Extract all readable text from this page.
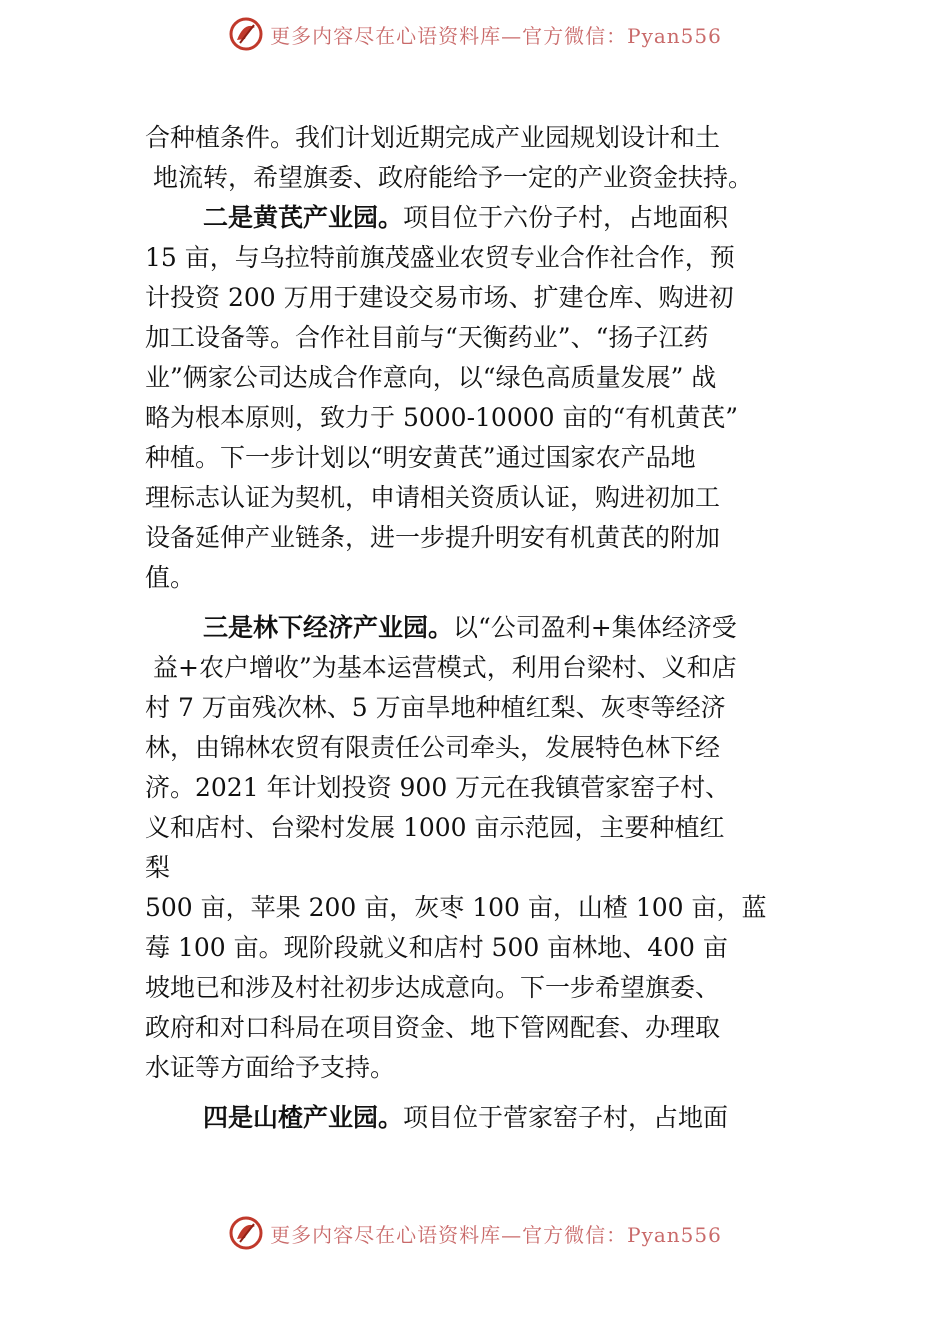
更多内容尽在心语资料库—官方微信：Pyan556
合种植条件。我们计划近期完成产业园规划设计和土
地流转，希望旗委、政府能给予一定的产业资金扶持。
二是黄芪产业园。项目位于六份子村，占地面积
15 亩，与乌拉特前旗茂盛业农贸专业合作社合作，预
计投资 200 万用于建设交易市场、扩建仓库、购进初
加工设备等。合作社目前与“天衡药业”、“扬子江药
业”俩家公司达成合作意向，以“绿色高质量发展” 战
略为根本原则，致力于 5000-10000 亩的“有机黄芪”
种植。下一步计划以“明安黄芪”通过国家农产品地
理标志认证为契机，申请相关资质认证，购进初加工
设备延伸产业链条，进一步提升明安有机黄芪的附加
值。
三是林下经济产业园。以“公司盈利+集体经济受
益+农户增收”为基本运营模式，利用台梁村、义和店
村 7 万亩残次林、5 万亩旱地种植红梨、灰枣等经济
林，由锦林农贸有限责任公司牵头，发展特色林下经
济。2021 年计划投资 900 万元在我镇菅家窑子村、
义和店村、台梁村发展 1000 亩示范园，主要种植红
梨
500 亩，苹果 200 亩，灰枣 100 亩，山楂 100 亩，蓝
莓 100 亩。现阶段就义和店村 500 亩林地、400 亩
坡地已和涉及村社初步达成意向。下一步希望旗委、
政府和对口科局在项目资金、地下管网配套、办理取
水证等方面给予支持。
四是山楂产业园。项目位于菅家窑子村，占地面
更多内容尽在心语资料库—官方微信：Pyan556
